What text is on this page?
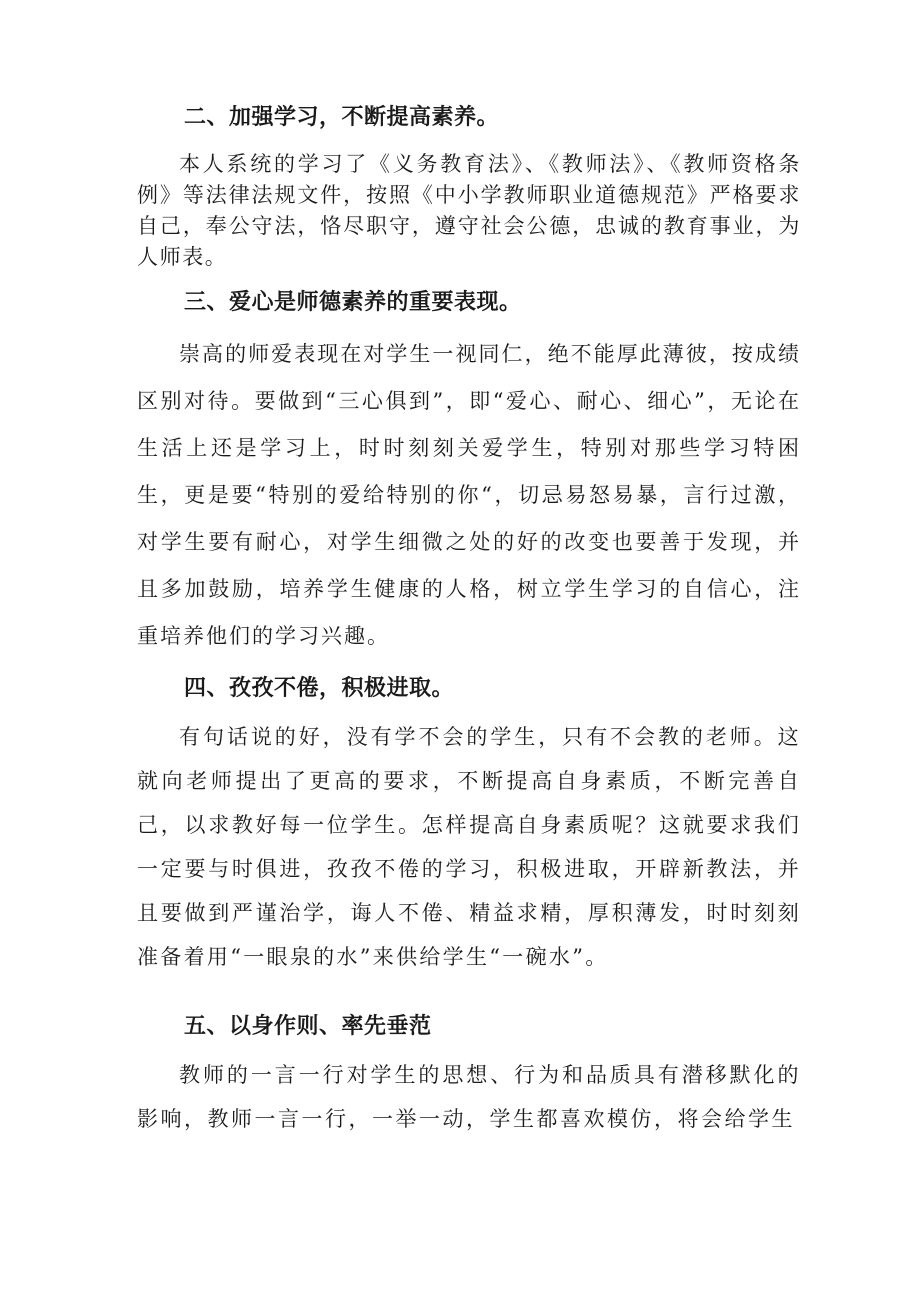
二、加强学习，不断提高素养。
本人系统的学习了《义务教育法》、《教师法》、《教师资格条例》等法律法规文件，按照《中小学教师职业道德规范》严格要求自己，奉公守法，恪尽职守，遵守社会公德，忠诚的教育事业，为人师表。
三、爱心是师德素养的重要表现。
崇高的师爱表现在对学生一视同仁，绝不能厚此薄彼，按成绩区别对待。要做到“三心俱到”，即“爱心、耐心、细心”，无论在生活上还是学习上，时时刻刻关爱学生，特别对那些学习特困生，更是要“特别的爱给特别的你“，切忌易怒易暴，言行过激，对学生要有耐心，对学生细微之处的好的改变也要善于发现，并且多加鼓励，培养学生健康的人格，树立学生学习的自信心，注重培养他们的学习兴趣。
四、孜孜不倦，积极进取。
有句话说的好，没有学不会的学生，只有不会教的老师。这就向老师提出了更高的要求，不断提高自身素质，不断完善自己，以求教好每一位学生。怎样提高自身素质呢？这就要求我们一定要与时俱进，孜孜不倦的学习，积极进取，开辟新教法，并且要做到严谨治学，诲人不倦、精益求精，厚积薄发，时时刻刻准备着用“一眼泉的水”来供给学生“一碗水”。
五、以身作则、率先垂范
教师的一言一行对学生的思想、行为和品质具有潜移默化的影响，教师一言一行，一举一动，学生都喜欢模仿，将会给学生
